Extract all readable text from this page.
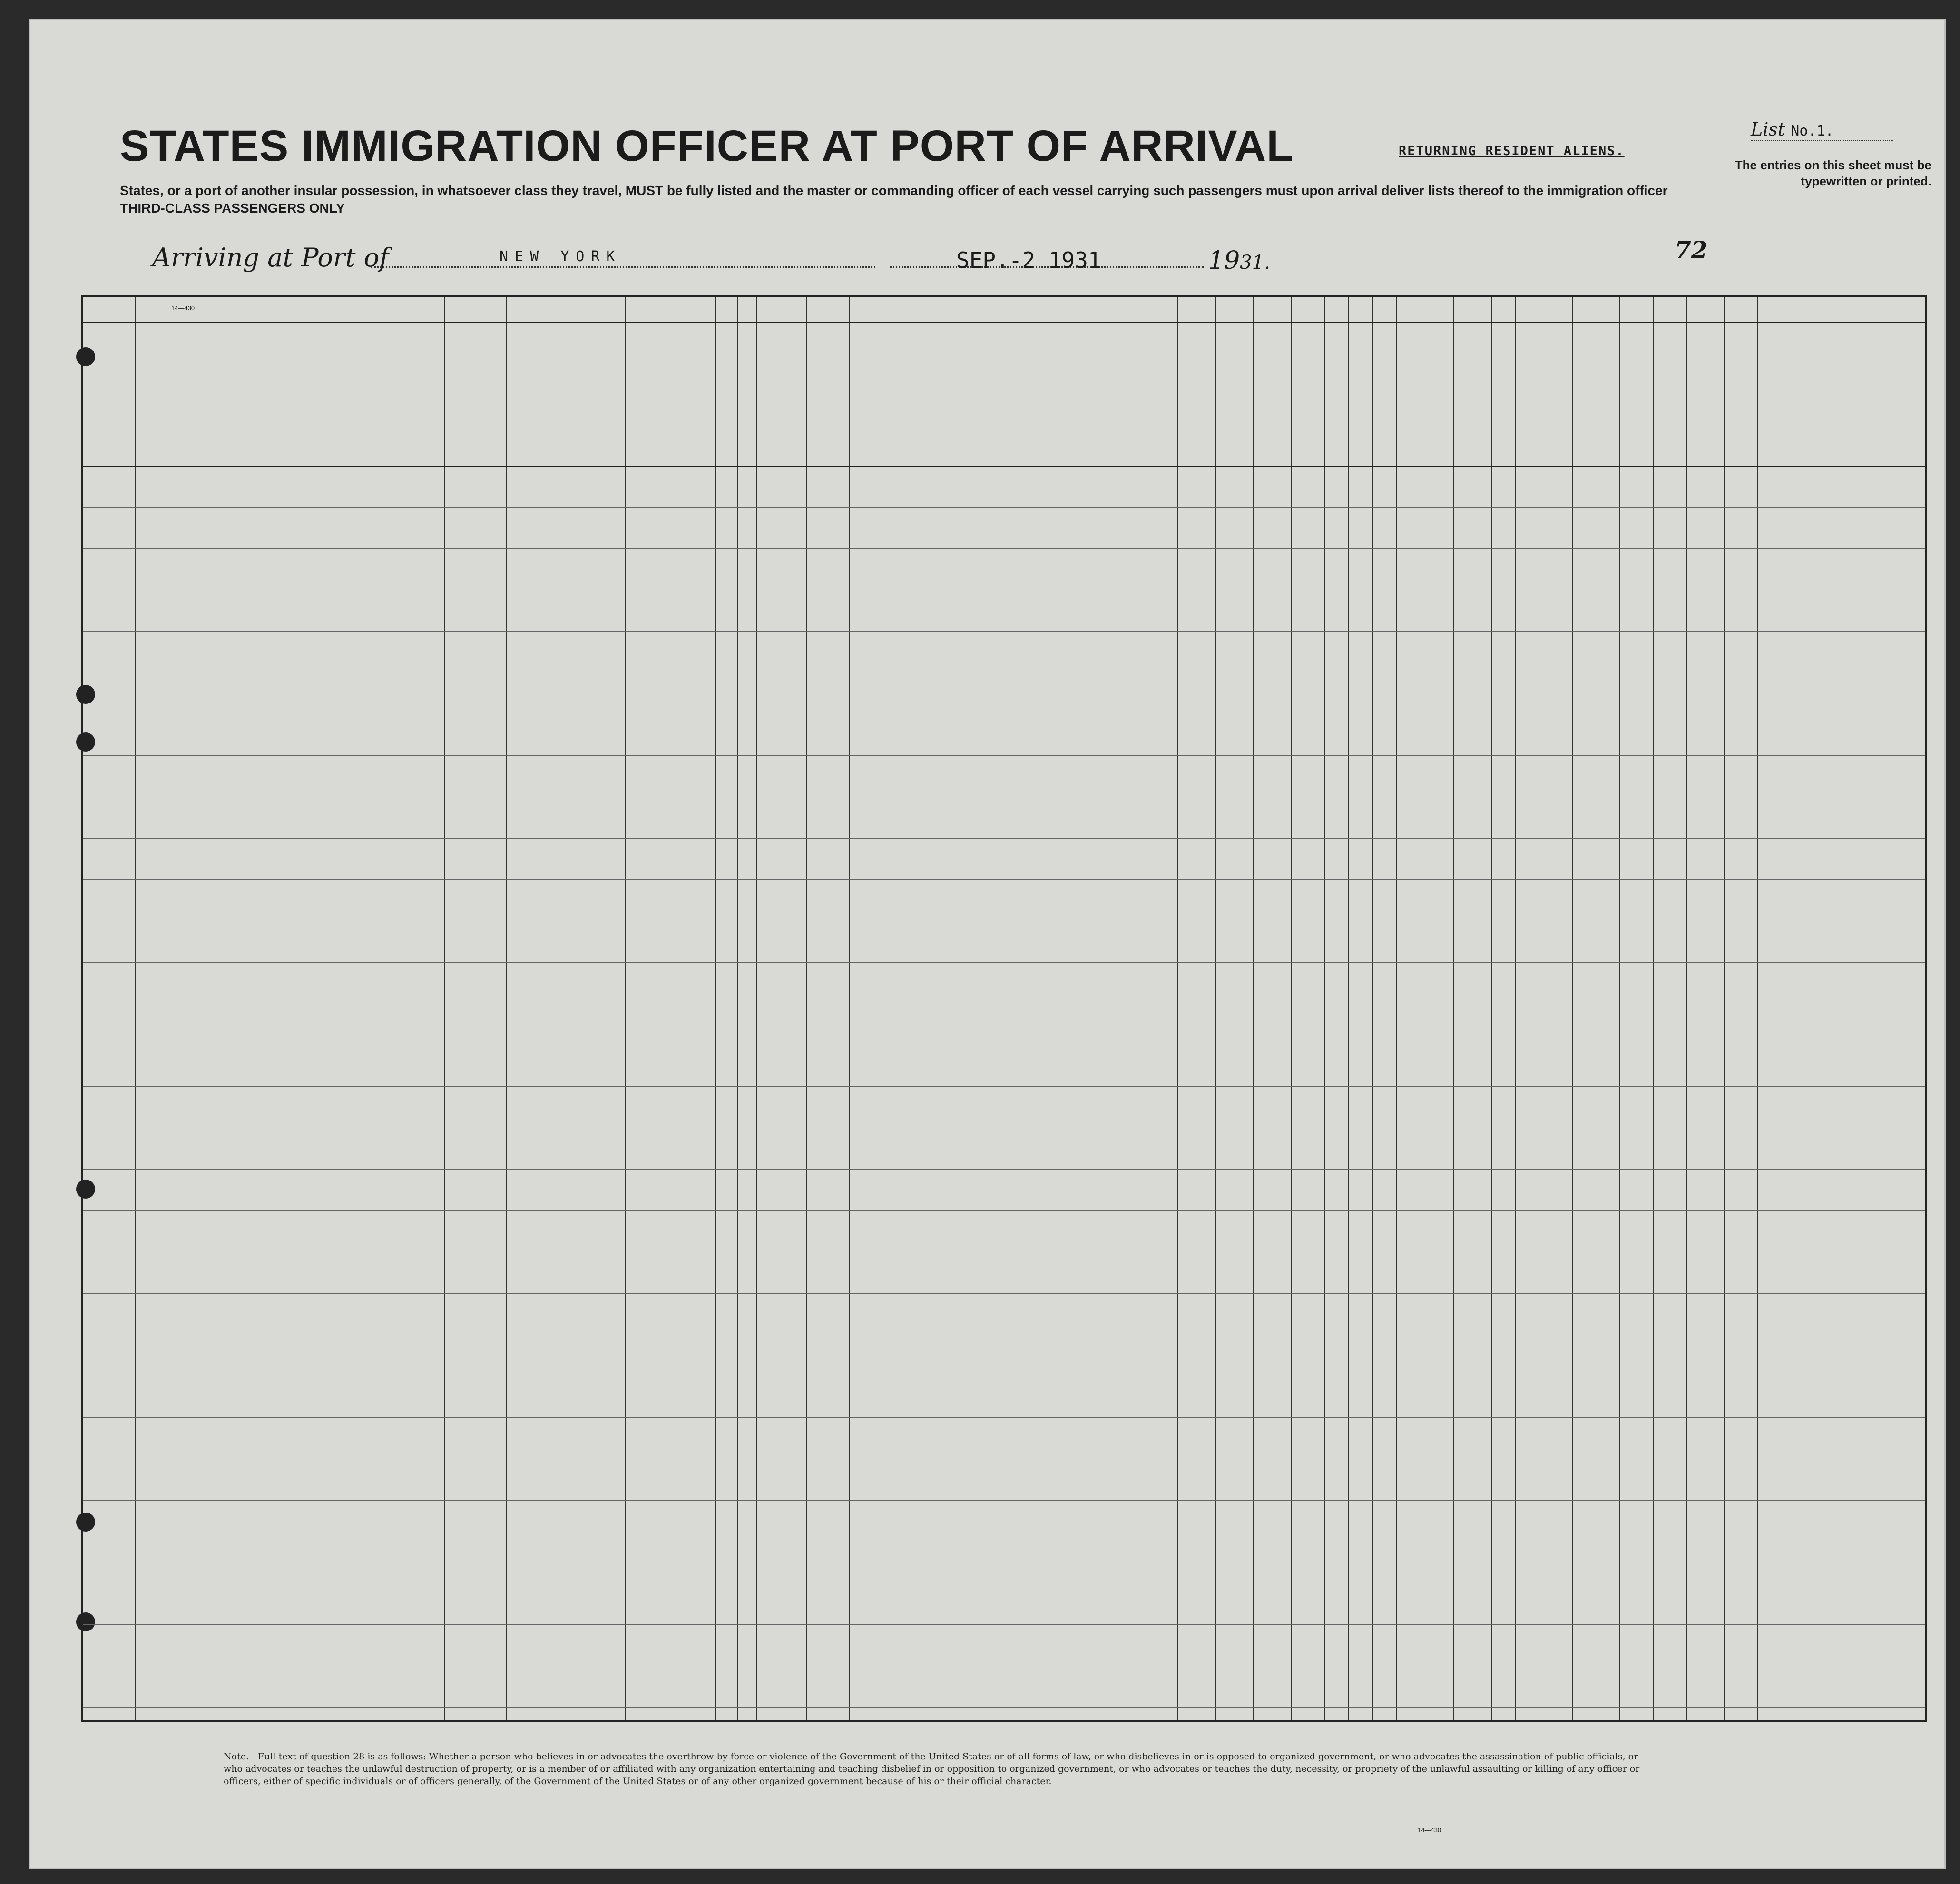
STATES IMMIGRATION OFFICER AT PORT OF ARRIVAL
States, or a port of another insular possession, in whatsoever class they travel, MUST be fully listed and the master or commanding officer of each vessel carrying such passengers must upon arrival deliver lists thereof to the immigration officer
THIRD-CLASS PASSENGERS ONLY
RETURNING RESIDENT ALIENS.
List No.1.
The entries on this sheet must be typewritten or printed.
Arriving at Port of	NEW YORK	SEP.-2 1931	1931.	72
14—430
Note.—Full text of question 28 is as follows: Whether a person who believes in or advocates the overthrow by force or violence of the Government of the United States or of all forms of law, or who disbelieves in or is opposed to organized government, or who advocates the assassination of public officials, or who advocates or teaches the unlawful destruction of property, or is a member of or affiliated with any organization entertaining and teaching disbelief in or opposition to organized government, or who advocates or teaches the duty, necessity, or propriety of the unlawful assaulting or killing of any officer or officers, either of specific individuals or of officers generally, of the Government of the United States or of any other organized government because of his or their official character.
14—430
